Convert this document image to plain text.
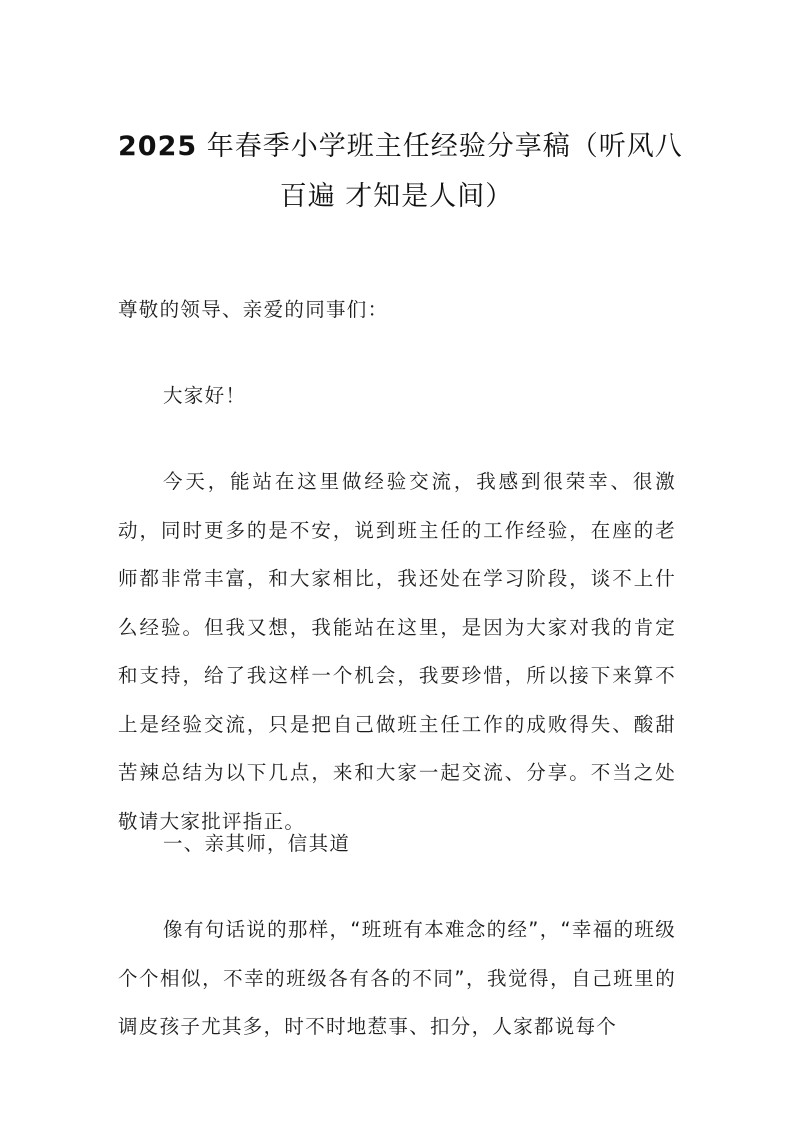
2025 年春季小学班主任经验分享稿（听风八
百遍 才知是人间）

尊敬的领导、亲爱的同事们：

大家好！

今天，能站在这里做经验交流，我感到很荣幸、很激动，同时更多的是不安，说到班主任的工作经验，在座的老师都非常丰富，和大家相比，我还处在学习阶段，谈不上什么经验。但我又想，我能站在这里，是因为大家对我的肯定和支持，给了我这样一个机会，我要珍惜，所以接下来算不上是经验交流，只是把自己做班主任工作的成败得失、酸甜苦辣总结为以下几点，来和大家一起交流、分享。不当之处敬请大家批评指正。

一、亲其师，信其道

像有句话说的那样，“班班有本难念的经”，“幸福的班级个个相似，不幸的班级各有各的不同”，我觉得，自己班里的调皮孩子尤其多，时不时地惹事、扣分，人家都说每个
